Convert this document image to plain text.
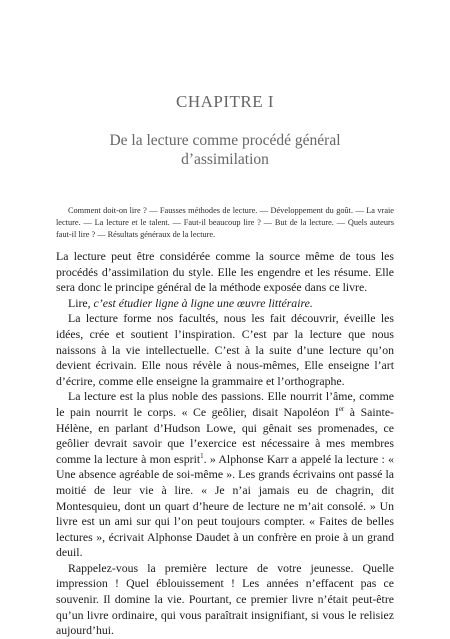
CHAPITRE I
De la lecture comme procédé général
d’assimilation

Comment doit-on lire ? — Fausses méthodes de lecture. — Développement du goût. — La vraie lecture. — La lecture et le talent. — Faut-il beaucoup lire ? — But de la lecture. — Quels auteurs faut-il lire ? — Résultats généraux de la lecture.

La lecture peut être considérée comme la source même de tous les procédés d’assimilation du style. Elle les engendre et les résume. Elle sera donc le principe général de la méthode exposée dans ce livre.

Lire, c’est étudier ligne à ligne une œuvre littéraire.

La lecture forme nos facultés, nous les fait découvrir, éveille les idées, crée et soutient l’inspiration. C’est par la lecture que nous naissons à la vie intellectuelle. C’est à la suite d’une lecture qu’on devient écrivain. Elle nous révèle à nous-mêmes, Elle enseigne l’art d’écrire, comme elle enseigne la grammaire et l’orthographe.

La lecture est la plus noble des passions. Elle nourrit l’âme, comme le pain nourrit le corps. « Ce geôlier, disait Napoléon Ier à Sainte-Hélène, en parlant d’Hudson Lowe, qui gênait ses promenades, ce geôlier devrait savoir que l’exercice est nécessaire à mes membres comme la lecture à mon esprit$^1$. » Alphonse Karr a appelé la lecture : « Une absence agréable de soi-même ». Les grands écrivains ont passé la moitié de leur vie à lire. « Je n’ai jamais eu de chagrin, dit Montesquieu, dont un quart d’heure de lecture ne m’ait consolé. » Un livre est un ami sur qui l’on peut toujours compter. « Faites de belles lectures », écrivait Alphonse Daudet à un confrère en proie à un grand deuil.

Rappelez-vous la première lecture de votre jeunesse. Quelle impression ! Quel éblouissement ! Les années n’effacent pas ce souvenir. Il domine la vie. Pourtant, ce premier livre n’était peut-être qu’un livre ordinaire, qui vous paraîtrait insignifiant, si vous le relisiez aujourd’hui.
